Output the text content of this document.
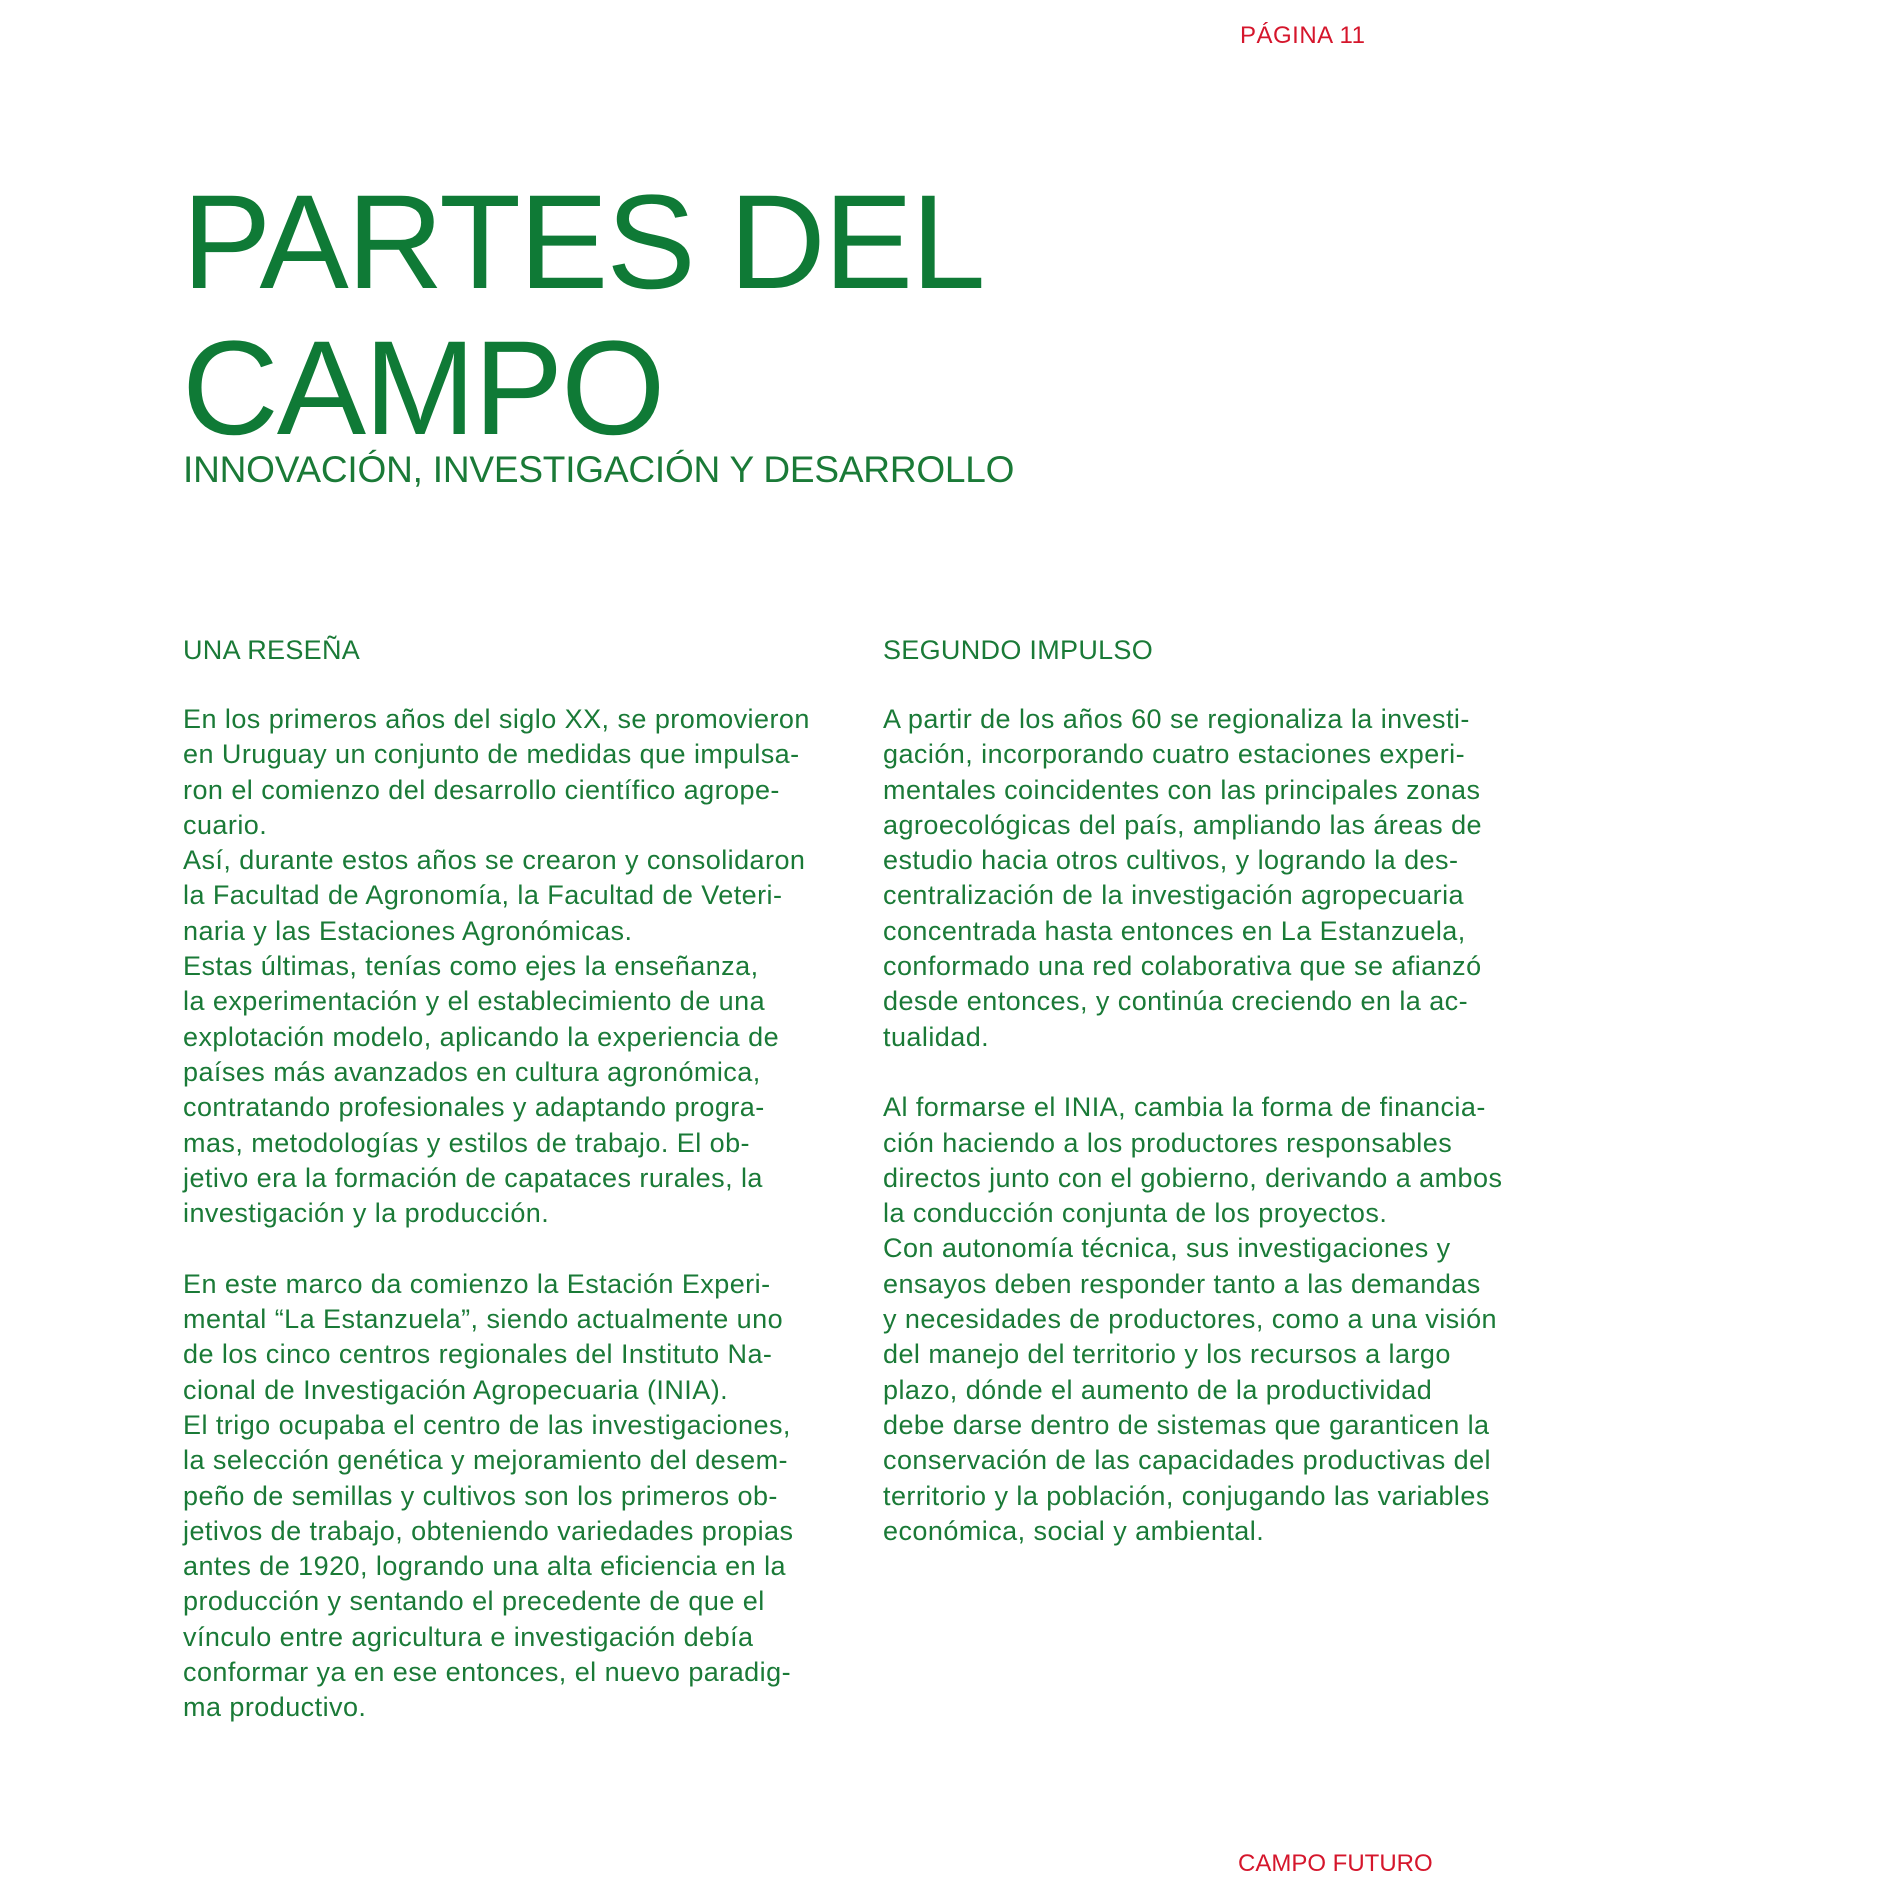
PÁGINA 11
PARTES DEL
CAMPO
INNOVACIÓN, INVESTIGACIÓN Y DESARROLLO
UNA RESEÑA
En los primeros años del siglo XX, se promovieron
en Uruguay un conjunto de medidas que impulsa-
ron el comienzo del desarrollo científico agrope-
cuario.
Así, durante estos años se crearon y consolidaron
la Facultad de Agronomía, la Facultad de Veteri-
naria y las Estaciones Agronómicas.
Estas últimas, tenías como ejes la enseñanza,
la experimentación y el establecimiento de una
explotación modelo, aplicando la experiencia de
países más avanzados en cultura agronómica,
contratando profesionales y adaptando progra-
mas, metodologías y estilos de trabajo. El ob-
jetivo era la formación de capataces rurales, la
investigación y la producción.
En este marco da comienzo la Estación Experi-
mental “La Estanzuela”, siendo actualmente uno
de los cinco centros regionales del Instituto Na-
cional de Investigación Agropecuaria (INIA).
El trigo ocupaba el centro de las investigaciones,
la selección genética y mejoramiento del desem-
peño de semillas y cultivos son los primeros ob-
jetivos de trabajo, obteniendo variedades propias
antes de 1920, logrando una alta eficiencia en la
producción y sentando el precedente de que el
vínculo entre agricultura e investigación debía
conformar ya en ese entonces, el nuevo paradig-
ma productivo.
SEGUNDO IMPULSO
A partir de los años 60 se regionaliza la investi-
gación, incorporando cuatro estaciones experi-
mentales coincidentes con las principales zonas
agroecológicas del país, ampliando las áreas de
estudio hacia otros cultivos, y logrando la des-
centralización de la investigación agropecuaria
concentrada hasta entonces en La Estanzuela,
conformado una red colaborativa que se afianzó
desde entonces, y continúa creciendo en la ac-
tualidad.
Al formarse el INIA, cambia la forma de financia-
ción haciendo a los productores responsables
directos junto con el gobierno, derivando a ambos
la conducción conjunta de los proyectos.
Con autonomía técnica, sus investigaciones y
ensayos deben responder tanto a las demandas
y necesidades de productores, como a una visión
del manejo del territorio y los recursos a largo
plazo, dónde el aumento de la productividad
debe darse dentro de sistemas que garanticen la
conservación de las capacidades productivas del
territorio y la población, conjugando las variables
económica, social y ambiental.
CAMPO FUTURO
